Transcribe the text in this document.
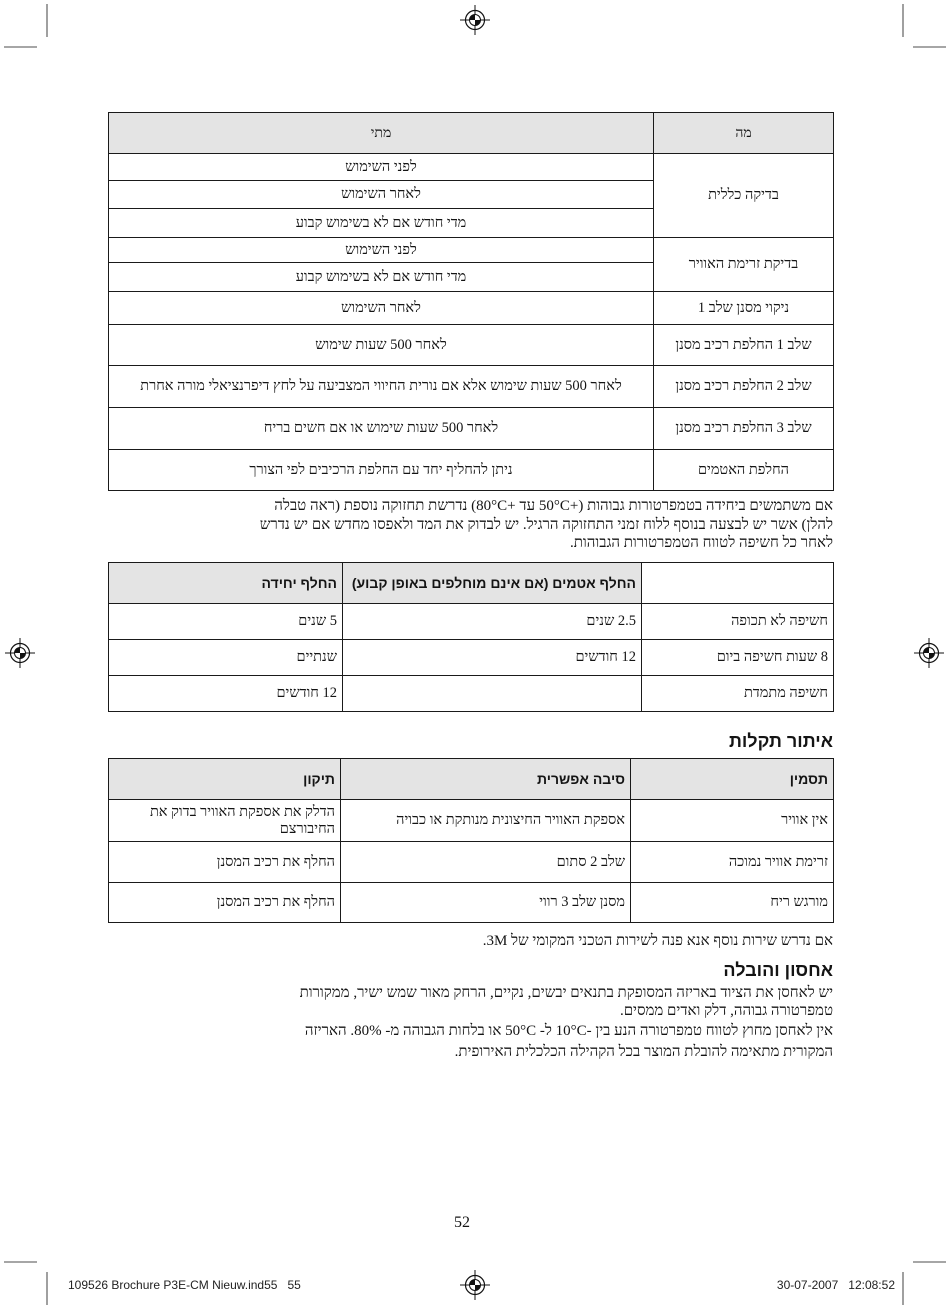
מה	מתי
בדיקה כללית	לפני השימוש
	לאחר השימוש
	מדי חודש אם לא בשימוש קבוע
בדיקת זרימת האוויר	לפני השימוש
	מדי חודש אם לא בשימוש קבוע
ניקוי מסנן שלב 1	לאחר השימוש
שלב 1 החלפת רכיב מסנן	לאחר 500 שעות שימוש
שלב 2 החלפת רכיב מסנן	לאחר 500 שעות שימוש אלא אם נורית החיווי המצביעה על לחץ דיפרנציאלי מורה אחרת
שלב 3 החלפת רכיב מסנן	לאחר 500 שעות שימוש או אם חשים בריח
החלפת האטמים	ניתן להחליף יחד עם החלפת הרכיבים לפי הצורך
אם משתמשים ביחידה בטמפרטורות גבוהות (+50°C עד +80°C) נדרשת תחזוקה נוספת (ראה טבלה
להלן) אשר יש לבצעה בנוסף ללוח זמני התחזוקה הרגיל. יש לבדוק את המד ולאפסו מחדש אם יש נדרש
לאחר כל חשיפה לטווח הטמפרטורות הגבוהות.
	החלף אטמים (אם אינם מוחלפים באופן קבוע)	החלף יחידה
חשיפה לא תכופה	2.5 שנים	5 שנים
8 שעות חשיפה ביום	12 חודשים	שנתיים
חשיפה מתמדת		12 חודשים
איתור תקלות
תסמין	סיבה אפשרית	תיקון
אין אוויר	אספקת האוויר החיצונית מנותקת או כבויה	הדלק את אספקת האוויר בדוק את החיבורצם
זרימת אוויר נמוכה	שלב 2 סתום	החלף את רכיב המסנן
מורגש ריח	מסנן שלב 3 רווי	החלף את רכיב המסנן
אם נדרש שירות נוסף אנא פנה לשירות הטכני המקומי של 3M.
אחסון והובלה
יש לאחסן את הציוד באריזה המסופקת בתנאים יבשים, נקיים, הרחק מאור שמש ישיר, ממקורות
טמפרטורה גבוהה, דלק ואדים ממסים.
אין לאחסן מחוץ לטווח טמפרטורה הנע בין -10°C ל- 50°C או בלחות הגבוהה מ- 80%. האריזה
המקורית מתאימה להובלת המוצר בכל הקהילה הכלכלית האירופית.
52
109526 Brochure P3E-CM Nieuw.ind55   55	30-07-2007   12:08:52
